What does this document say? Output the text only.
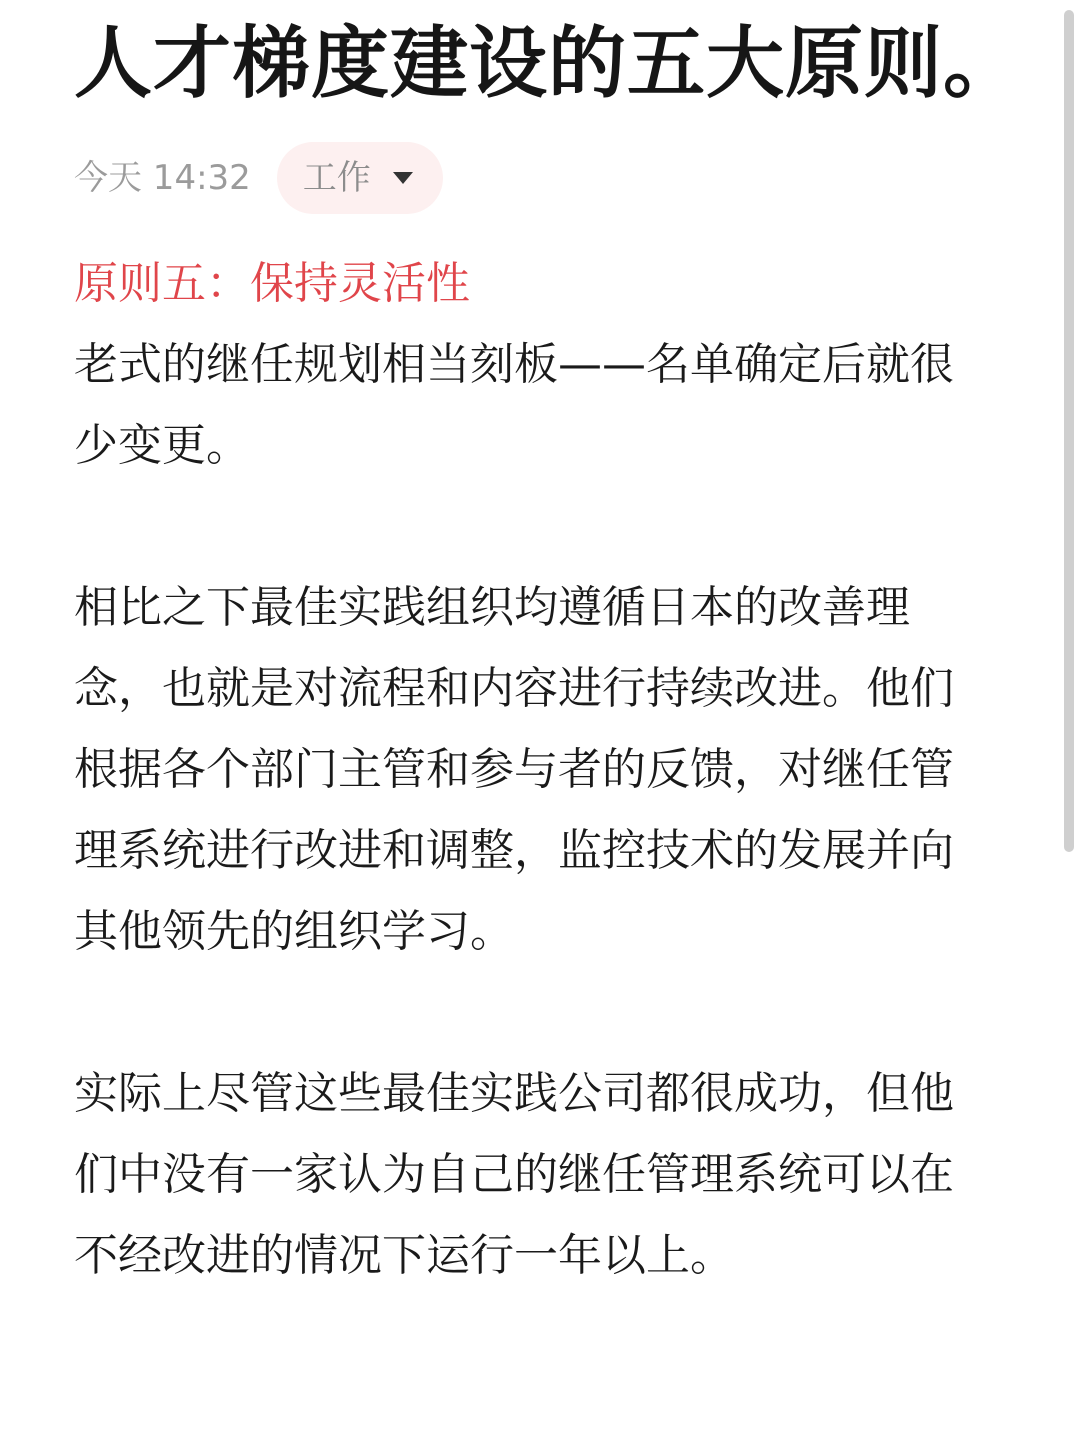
人才梯度建设的五大原则。
今天 14:32 工作

原则五：保持灵活性

老式的继任规划相当刻板——名单确定后就很少变更。

相比之下最佳实践组织均遵循日本的改善理念，也就是对流程和内容进行持续改进。他们根据各个部门主管和参与者的反馈，对继任管理系统进行改进和调整，监控技术的发展并向其他领先的组织学习。

实际上尽管这些最佳实践公司都很成功，但他们中没有一家认为自己的继任管理系统可以在不经改进的情况下运行一年以上。
